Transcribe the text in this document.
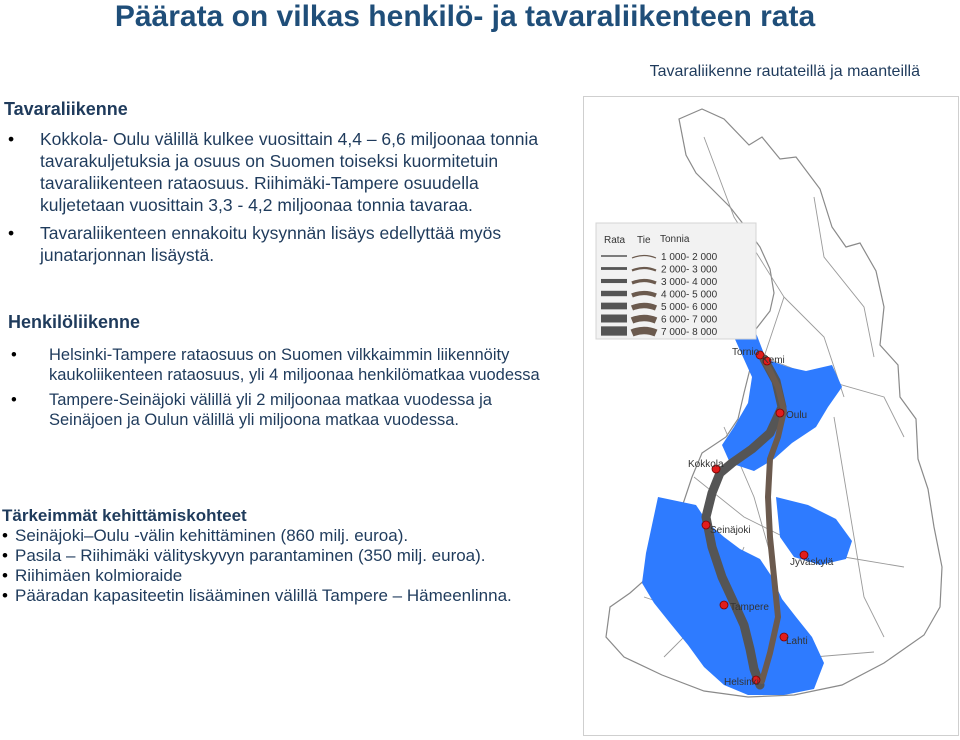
Päärata on vilkas henkilö- ja tavaraliikenteen rata
Tavaraliikenne rautateillä ja maanteillä
Tavaraliikenne
• Kokkola- Oulu välillä kulkee vuosittain 4,4 – 6,6 miljoonaa tonnia tavarakuljetuksia ja osuus on Suomen toiseksi kuormitetuin tavaraliikenteen rataosuus. Riihimäki-Tampere osuudella kuljetetaan vuosittain 3,3 - 4,2 miljoonaa tonnia tavaraa.
• Tavaraliikenteen ennakoitu kysynnän lisäys edellyttää myös junatarjonnan lisäystä.
Henkilöliikenne
• Helsinki-Tampere rataosuus on Suomen vilkkaimmin liikennöity kaukoliikenteen rataosuus, yli 4 miljoonaa henkilömatkaa vuodessa
• Tampere-Seinäjoki välillä yli 2 miljoonaa matkaa vuodessa ja Seinäjoen ja Oulun välillä yli miljoona matkaa vuodessa.
Tärkeimmät kehittämiskohteet
• Seinäjoki–Oulu -välin kehittäminen (860 milj. euroa).
• Pasila – Riihimäki välityskyvyn parantaminen (350 milj. euroa).
• Riihimäen kolmioraide
• Pääradan kapasiteetin lisääminen välillä Tampere – Hämeenlinna.
Rata Tie Tonnia
1 000- 2 000
2 000- 3 000
3 000- 4 000
4 000- 5 000
5 000- 6 000
6 000- 7 000
7 000- 8 000
Tornio
Kemi
Oulu
Kokkola
Seinäjoki
Jyväskylä
Tampere
Lahti
Helsinki
